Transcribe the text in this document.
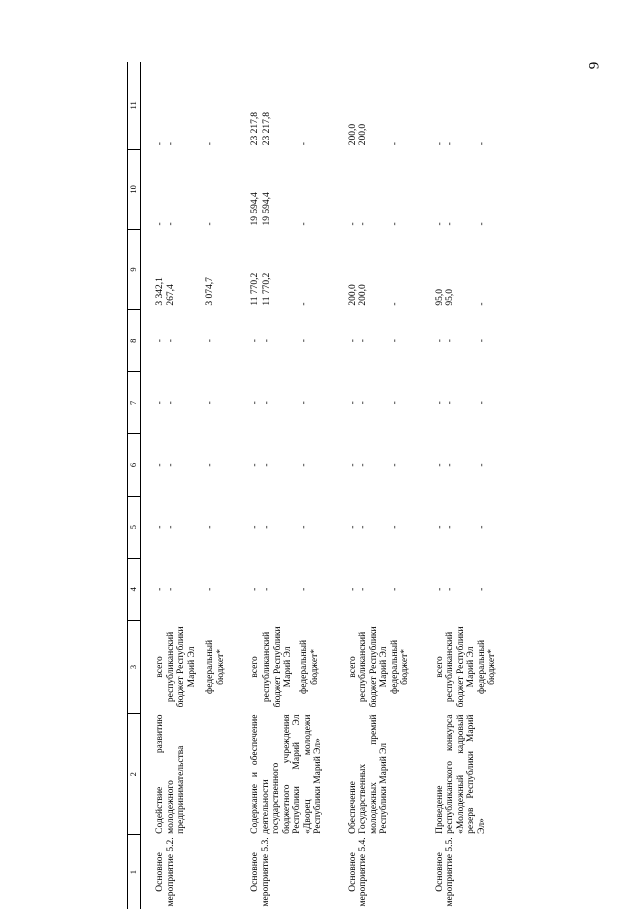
9
1	2	3	4	5	6	7	8	9	10	11

Основное мероприятие 5.2.	Содействие развитию молодежного предпринимательства	всего	-	-	-	-	-	3 342,1	-	-
		республиканский бюджет Республики Марий Эл	-	-	-	-	-	267,4	-	-
		федеральный бюджет*	-	-	-	-	-	3 074,7	-	-

Основное мероприятие 5.3.	Содержание и обеспечение деятельности государственного бюджетного учреждения Республики Марий Эл «Дворец молодежи Республики Марий Эл»	всего	-	-	-	-	-	11 770,2	19 594,4	23 217,8
		республиканский бюджет Республики Марий Эл	-	-	-	-	-	11 770,2	19 594,4	23 217,8
		федеральный бюджет*	-	-	-	-	-	-	-	-

Основное мероприятие 5.4.	Обеспечение Государственных молодежных премий Республики Марий Эл	всего	-	-	-	-	-	200,0	-	200,0
		республиканский бюджет Республики Марий Эл	-	-	-	-	-	200,0	-	200,0
		федеральный бюджет*	-	-	-	-	-	-	-	-

Основное мероприятие 5.5.	Проведение республиканского конкурса «Молодежный кадровый резерв Республики Марий Эл»	всего	-	-	-	-	-	95,0	-	-
		республиканский бюджет Республики Марий Эл	-	-	-	-	-	95,0	-	-
		федеральный бюджет*	-	-	-	-	-	-	-	-
